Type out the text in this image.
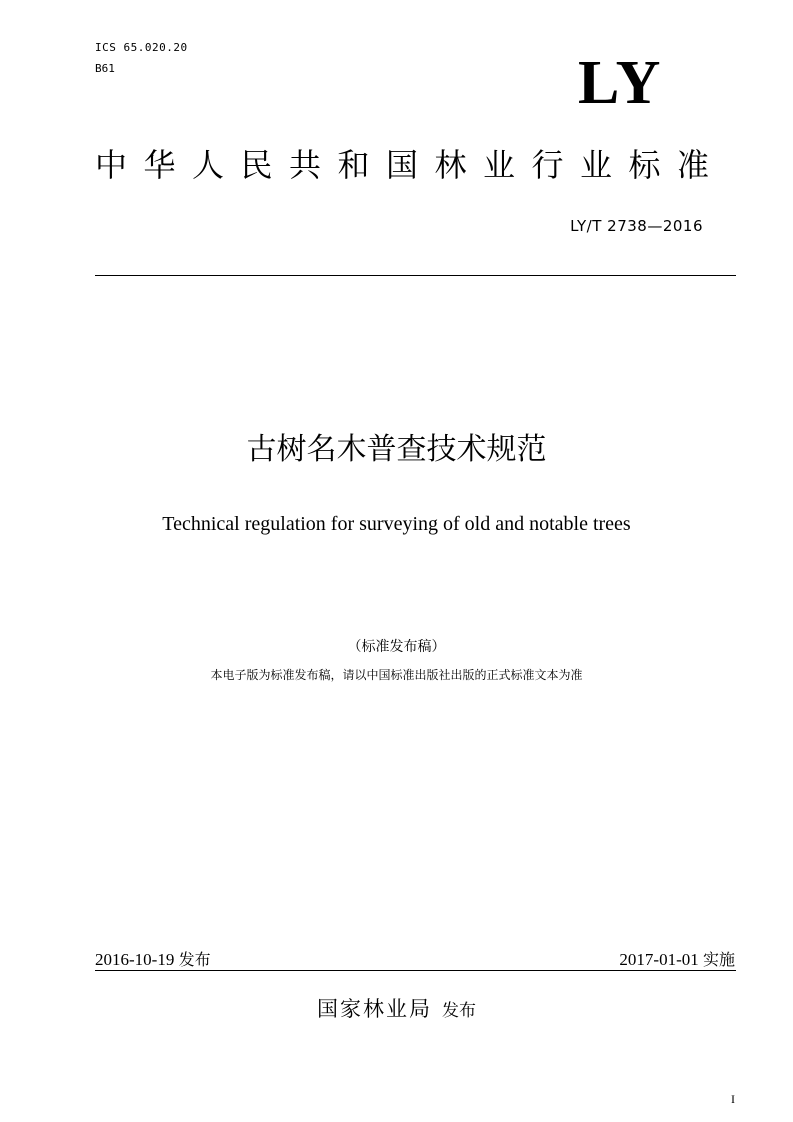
ICS 65.020.20
B61	LY
中华人民共和国林业行业标准
LY/T 2738—2016
古树名木普查技术规范
Technical regulation for surveying of old and notable trees
（标准发布稿）
本电子版为标准发布稿，请以中国标准出版社出版的正式标准文本为准
2016-10-19 发布	2017-01-01 实施
国家林业局 发布
I
